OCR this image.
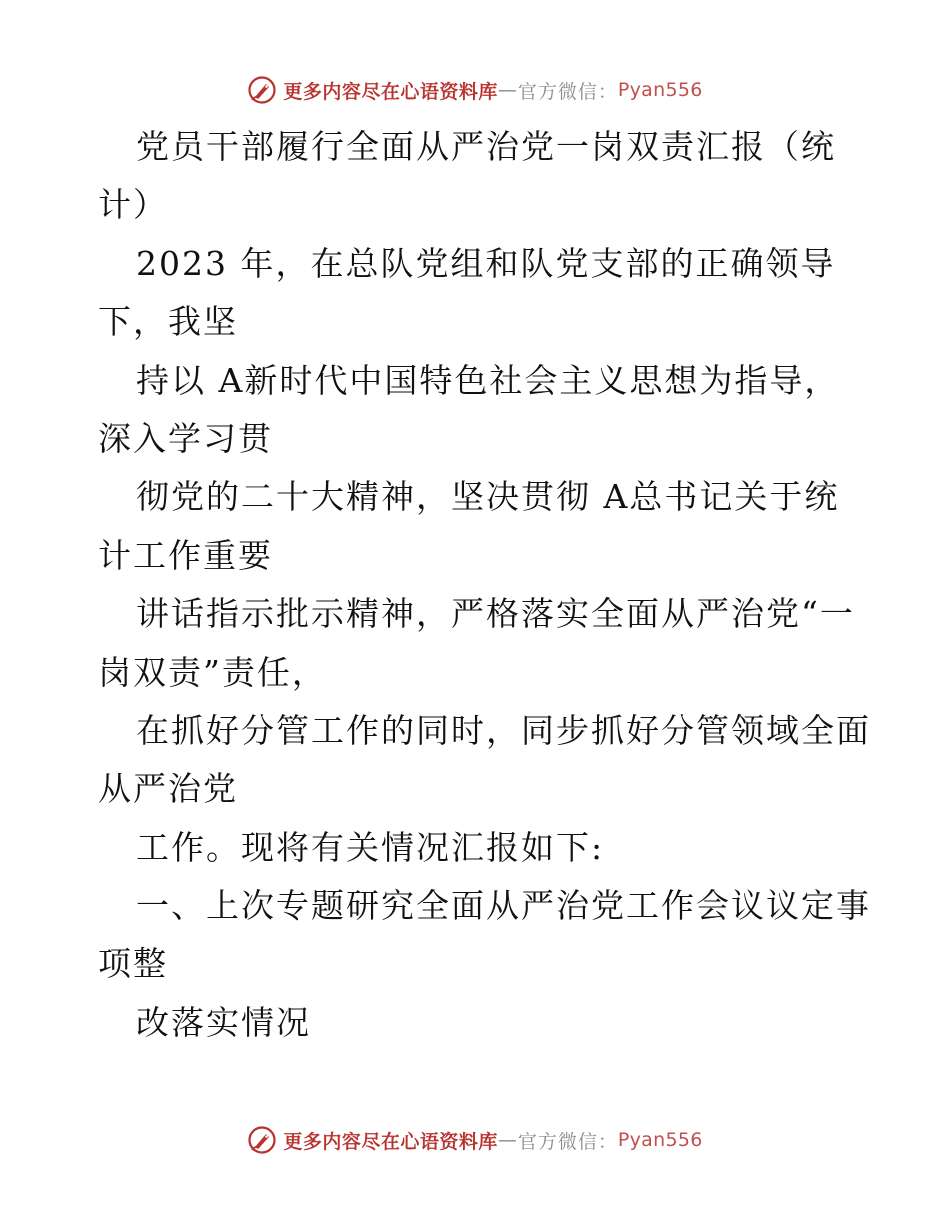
更多内容尽在心语资料库 — 官方微信： Pyan556
党员干部履行全面从严治党一岗双责汇报（统
计）
2023 年，在总队党组和队党支部的正确领导
下，我坚
持以 A新时代中国特色社会主义思想为指导，
深入学习贯
彻党的二十大精神，坚决贯彻 A总书记关于统
计工作重要
讲话指示批示精神，严格落实全面从严治党“一
岗双责”责任，
在抓好分管工作的同时，同步抓好分管领域全面
从严治党
工作。现将有关情况汇报如下:
一、上次专题研究全面从严治党工作会议议定事
项整
改落实情况
更多内容尽在心语资料库 — 官方微信： Pyan556
